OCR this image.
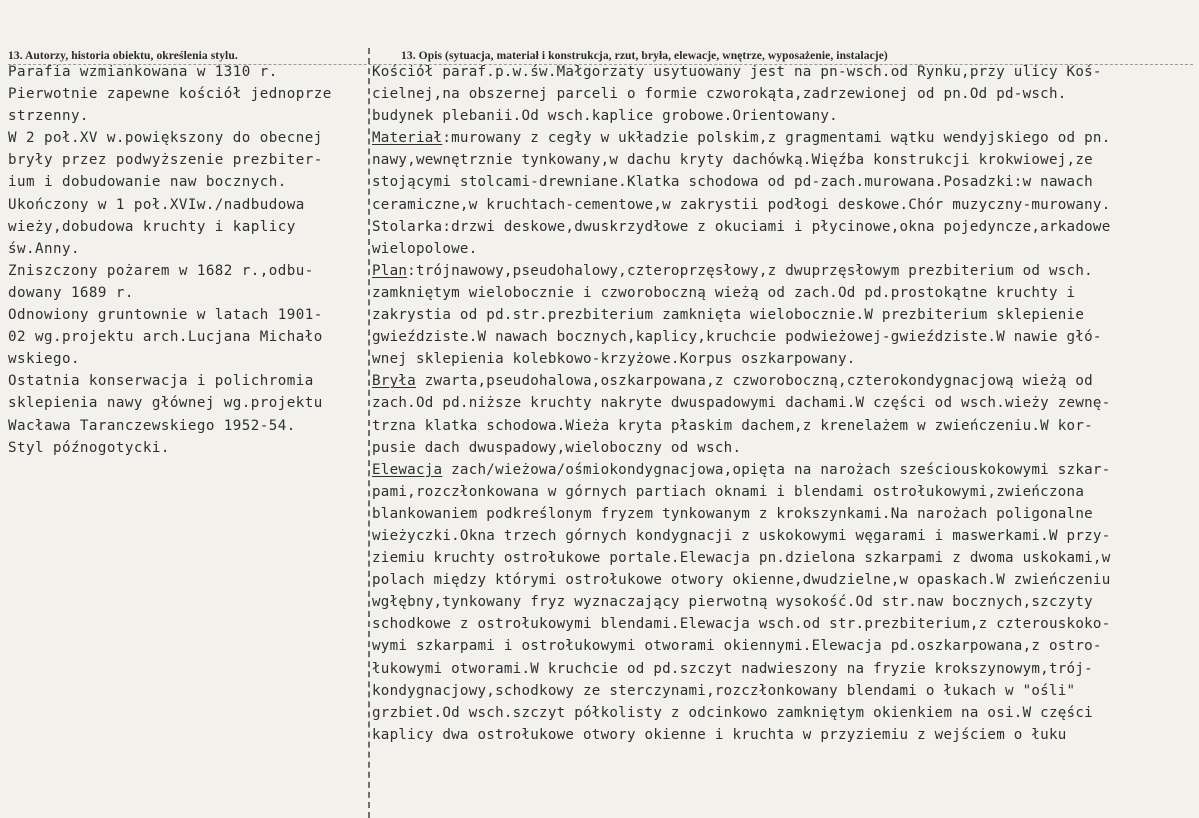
13. Autorzy, historia obiektu, określenia stylu.	13. Opis (sytuacja, materiał i konstrukcja, rzut, bryła, elewacje, wnętrze, wyposażenie, instalacje)
Parafia wzmiankowana w 1310 r.
Pierwotnie zapewne kościół jednoprze
strzenny.
W 2 poł.XV w.powiększony do obecnej
bryły przez podwyższenie prezbiter-
ium i dobudowanie naw bocznych.
Ukończony w 1 poł.XVIw./nadbudowa
wieży,dobudowa kruchty i kaplicy
św.Anny.
Zniszczony pożarem w 1682 r.,odbu-
dowany 1689 r.
Odnowiony gruntownie w latach 1901-
02 wg.projektu arch.Lucjana Michało
wskiego.
Ostatnia konserwacja i polichromia
sklepienia nawy głównej wg.projektu
Wacława Taranczewskiego 1952-54.
Styl późnogotycki.
Kościół paraf.p.w.św.Małgorzaty usytuowany jest na pn-wsch.od Rynku,przy ulicy Koś-
cielnej,na obszernej parceli o formie czworokąta,zadrzewionej od pn.Od pd-wsch.
budynek plebanii.Od wsch.kaplice grobowe.Orientowany.
Materiał:murowany z cegły w układzie polskim,z gragmentami wątku wendyjskiego od pn.
nawy,wewnętrznie tynkowany,w dachu kryty dachówką.Więźba konstrukcji krokwiowej,ze
stojącymi stolcami-drewniane.Klatka schodowa od pd-zach.murowana.Posadzki:w nawach
ceramiczne,w kruchtach-cementowe,w zakrystii podłogi deskowe.Chór muzyczny-murowany.
Stolarka:drzwi deskowe,dwuskrzydłowe z okuciami i płycinowe,okna pojedyncze,arkadowe
wielopolowe.
Plan:trójnawowy,pseudohalowy,czteroprzęsłowy,z dwuprzęsłowym prezbiterium od wsch.
zamkniętym wielobocznie i czworoboczną wieżą od zach.Od pd.prostokątne kruchty i
zakrystia od pd.str.prezbiterium zamknięta wielobocznie.W prezbiterium sklepienie
gwieździste.W nawach bocznych,kaplicy,kruchcie podwieżowej-gwieździste.W nawie głó-
wnej sklepienia kolebkowo-krzyżowe.Korpus oszkarpowany.
Bryła zwarta,pseudohalowa,oszkarpowana,z czworoboczną,czterokondygnacjową wieżą od
zach.Od pd.niższe kruchty nakryte dwuspadowymi dachami.W części od wsch.wieży zewnę-
trzna klatka schodowa.Wieża kryta płaskim dachem,z krenelażem w zwieńczeniu.W kor-
pusie dach dwuspadowy,wieloboczny od wsch.
Elewacja zach/wieżowa/ośmiokondygnacjowa,opięta na narożach sześciouskokowymi szkar-
pami,rozczłonkowana w górnych partiach oknami i blendami ostrołukowymi,zwieńczona
blankowaniem podkreślonym fryzem tynkowanym z krokszynkami.Na narożach poligonalne
wieżyczki.Okna trzech górnych kondygnacji z uskokowymi węgarami i maswerkami.W przy-
ziemiu kruchty ostrołukowe portale.Elewacja pn.dzielona szkarpami z dwoma uskokami,w
polach między którymi ostrołukowe otwory okienne,dwudzielne,w opaskach.W zwieńczeniu
wgłębny,tynkowany fryz wyznaczający pierwotną wysokość.Od str.naw bocznych,szczyty
schodkowe z ostrołukowymi blendami.Elewacja wsch.od str.prezbiterium,z czterouskoko-
wymi szkarpami i ostrołukowymi otworami okiennymi.Elewacja pd.oszkarpowana,z ostro-
łukowymi otworami.W kruchcie od pd.szczyt nadwieszony na fryzie krokszynowym,trój-
kondygnacjowy,schodkowy ze sterczynami,rozczłonkowany blendami o łukach w "ośli"
grzbiet.Od wsch.szczyt półkolisty z odcinkowo zamkniętym okienkiem na osi.W części
kaplicy dwa ostrołukowe otwory okienne i kruchta w przyziemiu z wejściem o łuku
